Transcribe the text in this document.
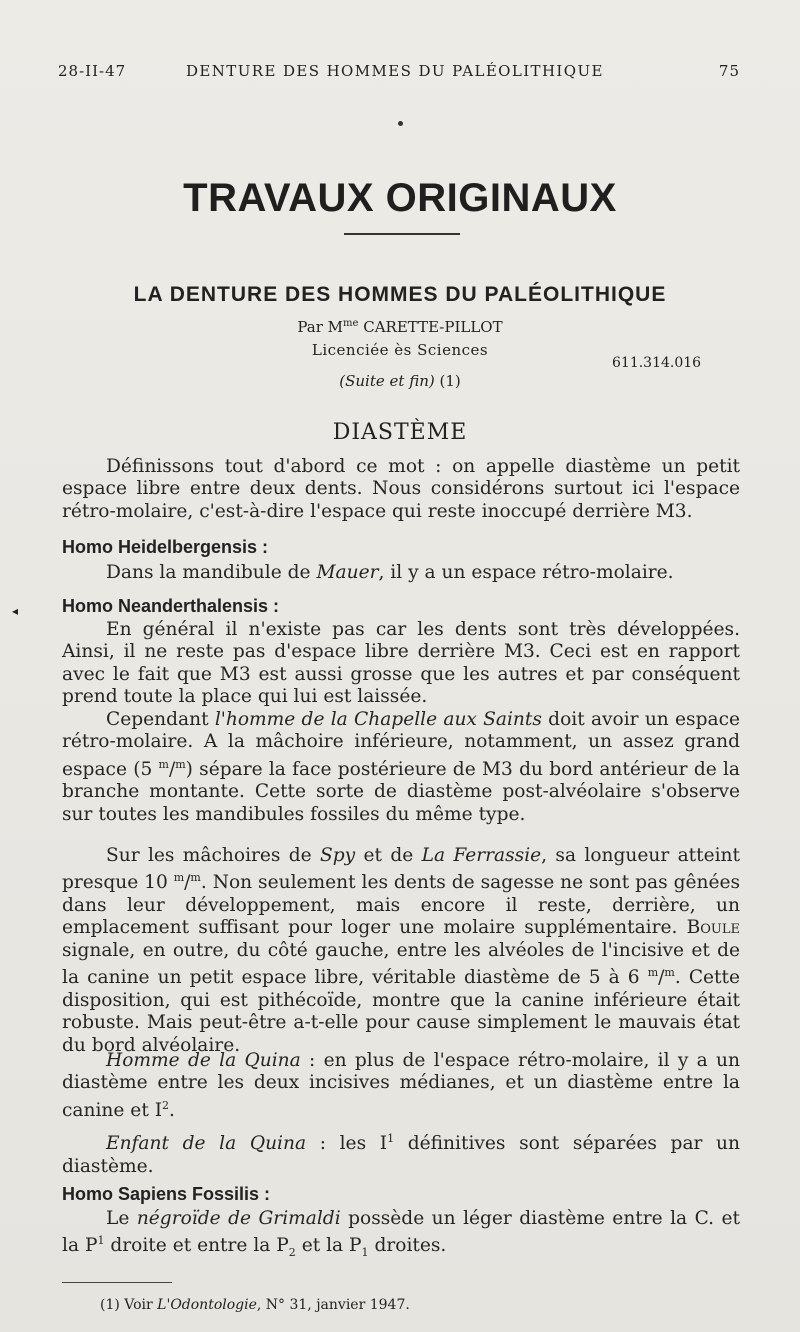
28-II-47	DENTURE DES HOMMES DU PALÉOLITHIQUE	75
TRAVAUX ORIGINAUX
LA DENTURE DES HOMMES DU PALÉOLITHIQUE
Par $M^{me}$ CARETTE-PILLOT
Licenciée ès Sciences
611.314.016
(Suite et fin) (1)
DIASTÈME

Définissons tout d'abord ce mot : on appelle diastème un petit espace libre entre deux dents. Nous considérons surtout ici l'espace rétro-molaire, c'est-à-dire l'espace qui reste inoccupé derrière M3.

Homo Heidelbergensis :

Dans la mandibule de Mauer, il y a un espace rétro-molaire.

◂ Homo Neanderthalensis :

En général il n'existe pas car les dents sont très développées. Ainsi, il ne reste pas d'espace libre derrière M3. Ceci est en rapport avec le fait que M3 est aussi grosse que les autres et par conséquent prend toute la place qui lui est laissée.

Cependant l'homme de la Chapelle aux Saints doit avoir un espace rétro-molaire. A la mâchoire inférieure, notamment, un assez grand espace (5 $^m$/$^m$) sépare la face postérieure de M3 du bord antérieur de la branche montante. Cette sorte de diastème post-alvéolaire s'observe sur toutes les mandibules fossiles du même type.

Sur les mâchoires de Spy et de La Ferrassie, sa longueur atteint presque 10 $^m$/$^m$. Non seulement les dents de sagesse ne sont pas gênées dans leur développement, mais encore il reste, derrière, un emplacement suffisant pour loger une molaire supplémentaire. Boule signale, en outre, du côté gauche, entre les alvéoles de l'incisive et de la canine un petit espace libre, véritable diastème de 5 à 6 $^m$/$^m$. Cette disposition, qui est pithécoïde, montre que la canine inférieure était robuste. Mais peut-être a-t-elle pour cause simplement le mauvais état du bord alvéolaire.

Homme de la Quina : en plus de l'espace rétro-molaire, il y a un diastème entre les deux incisives médianes, et un diastème entre la canine et $I^2$.

Enfant de la Quina : les $I^1$ définitives sont séparées par un diastème.

Homo Sapiens Fossilis :

Le négroïde de Grimaldi possède un léger diastème entre la C. et la $P^1$ droite et entre la $P_2$ et la $P_1$ droites.

(1) Voir L'Odontologie, N° 31, janvier 1947.
